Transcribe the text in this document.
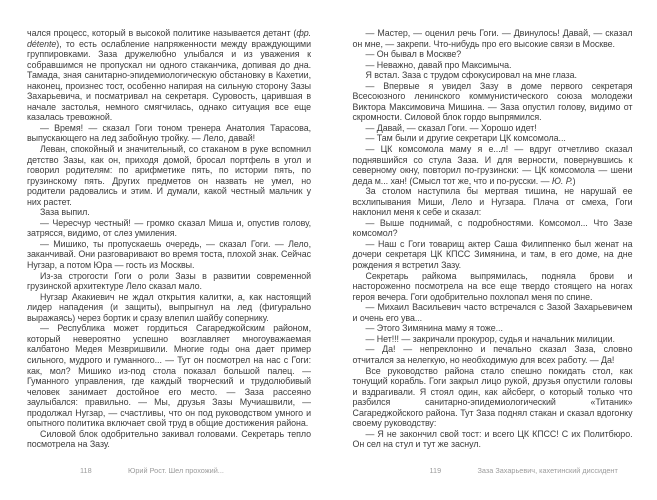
чался процесс, который в высокой политике называется детант (фр. détente), то есть ослабление напряженности между враждующими группировками. Заза дружелюбно улыбался и из уважения к собравшимся не пропускал ни одного стаканчика, допивая до дна. Тамада, зная санитарно-эпидемиологическую обстановку в Кахетии, наконец, произнес тост, особенно напирая на сильную сторону Зазы Захарьевича, и посматривал на секретаря. Суровость, царившая в начале застолья, немного смягчилась, однако ситуация все еще казалась тревожной.

— Время! — сказал Гоги тоном тренера Анатолия Тарасова, выпускающего на лед забойную тройку. — Лело, давай!

Леван, спокойный и значительный, со стаканом в руке вспомнил детство Зазы, как он, приходя домой, бросал портфель в угол и говорил родителям: по арифметике пять, по истории пять, по грузинскому пять. Других предметов он назвать не умел, но родители радовались и этим. И думали, какой честный мальчик у них растет.

Заза выпил.

— Чересчур честный! — громко сказал Миша и, опустив голову, затрясся, видимо, от слез умиления.

— Мишико, ты пропускаешь очередь, — сказал Гоги. — Лело, заканчивай. Они разговаривают во время тоста, плохой знак. Сейчас Нугзар, а потом Юра — гость из Москвы.

Из-за строгости Гоги о роли Зазы в развитии современной грузинской архитектуре Лело сказал мало.

Нугзар Акакиевич не ждал открытия калитки, а, как настоящий лидер нападения (и защиты), выпрыгнул на лед (фигурально выражаясь) через бортик и сразу влепил шайбу сопернику.

— Республика может гордиться Сагареджойским районом, который невероятно успешно возглавляет многоуважаемая калбатоно Медея Мезвришвили. Многие годы она дает пример сильного, мудрого и гуманного... — Тут он посмотрел на нас с Гоги: как, мол? Мишико из-под стола показал большой палец. — Гуманного управления, где каждый творческий и трудолюбивый человек занимает достойное его место. — Заза рассеяно заулыбался: правильно. — Мы, друзья Зазы Мучиашвили, — продолжал Нугзар, — счастливы, что он под руководством умного и опытного политика включает свой труд в общие достижения района.

Силовой блок одобрительно закивал головами. Секретарь тепло посмотрела на Зазу.

118	Юрий Рост. Шел прохожий...

— Мастер, — оценил речь Гоги. — Двинулось! Давай, — сказал он мне, — закрепи. Что-нибудь про его высокие связи в Москве.

— Он бывал в Москве?

— Неважно, давай про Максимыча.

Я встал. Заза с трудом сфокусировал на мне глаза.

— Впервые я увидел Зазу в доме первого секретаря Всесоюзного ленинского коммунистического союза молодежи Виктора Максимовича Мишина. — Заза опустил голову, видимо от скромности. Силовой блок гордо выпрямился.

— Давай, — сказал Гоги. — Хорошо идет!

— Там были и другие секретари ЦК комсомола...

— ЦК комсомола маму я е...л! — вдруг отчетливо сказал поднявшийся со стула Заза. И для верности, повернувшись к северному окну, повторил по-грузински: — ЦК комсомола — шени деда м... хан! (Смысл тот же, что и по-русски. — Ю. Р.)

За столом наступила бы мертвая тишина, не нарушай ее всхлипывания Миши, Лело и Нугзара. Плача от смеха, Гоги наклонил меня к себе и сказал:

— Выше поднимай, с подробностями. Комсомол... Что Зазе комсомол?

— Наш с Гоги товарищ актер Саша Филиппенко был женат на дочери секретаря ЦК КПСС Зимянина, и там, в его доме, на дне рождения я встретил Зазу.

Секретарь райкома выпрямилась, подняла брови и настороженно посмотрела на все еще твердо стоящего на ногах героя вечера. Гоги одобрительно похлопал меня по спине.

— Михаил Васильевич часто встречался с Зазой Захарьевичем и очень его ува...

— Этого Зимянина маму я тоже...

— Нет!!! — закричали прокурор, судья и начальник милиции.

— Да! — непреклонно и печально сказал Заза, словно отчитался за нелегкую, но необходимую для всех работу. — Да!

Все руководство района стало спешно покидать стол, как тонущий корабль. Гоги закрыл лицо рукой, друзья опустили головы и вздрагивали. Я стоял один, как айсберг, о который только что разбился санитарно-эпидемиологический «Титаник» Сагареджойского района. Тут Заза поднял стакан и сказал вдогонку своему руководству:

— Я не закончил свой тост: и всего ЦК КПСС! С их Политбюро. Он сел на стул и тут же заснул.

119	Заза Захарьевич, кахетинский диссидент
